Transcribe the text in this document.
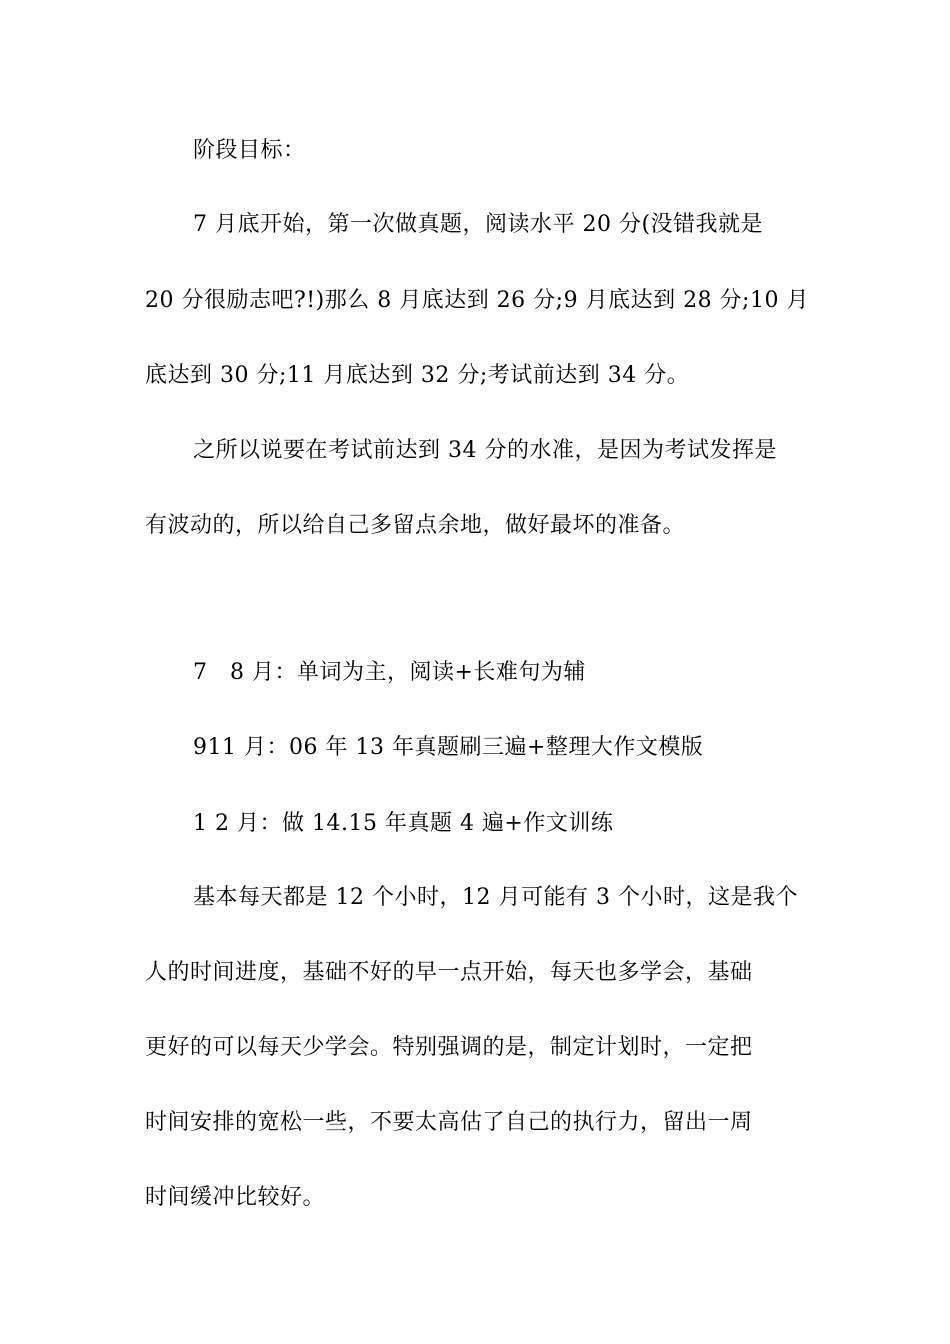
阶段目标：
7 月底开始，第一次做真题，阅读水平 20 分(没错我就是
20 分很励志吧?!)那么 8 月底达到 26 分;9 月底达到 28 分;10 月
底达到 30 分;11 月底达到 32 分;考试前达到 34 分。
之所以说要在考试前达到 34 分的水准，是因为考试发挥是
有波动的，所以给自己多留点余地，做好最坏的准备。
7　8 月：单词为主，阅读+长难句为辅
911 月：06 年 13 年真题刷三遍+整理大作文模版
1 2 月：做 14.15 年真题 4 遍+作文训练
基本每天都是 12 个小时，12 月可能有 3 个小时，这是我个
人的时间进度，基础不好的早一点开始，每天也多学会，基础
更好的可以每天少学会。特别强调的是，制定计划时，一定把
时间安排的宽松一些，不要太高估了自己的执行力，留出一周
时间缓冲比较好。
